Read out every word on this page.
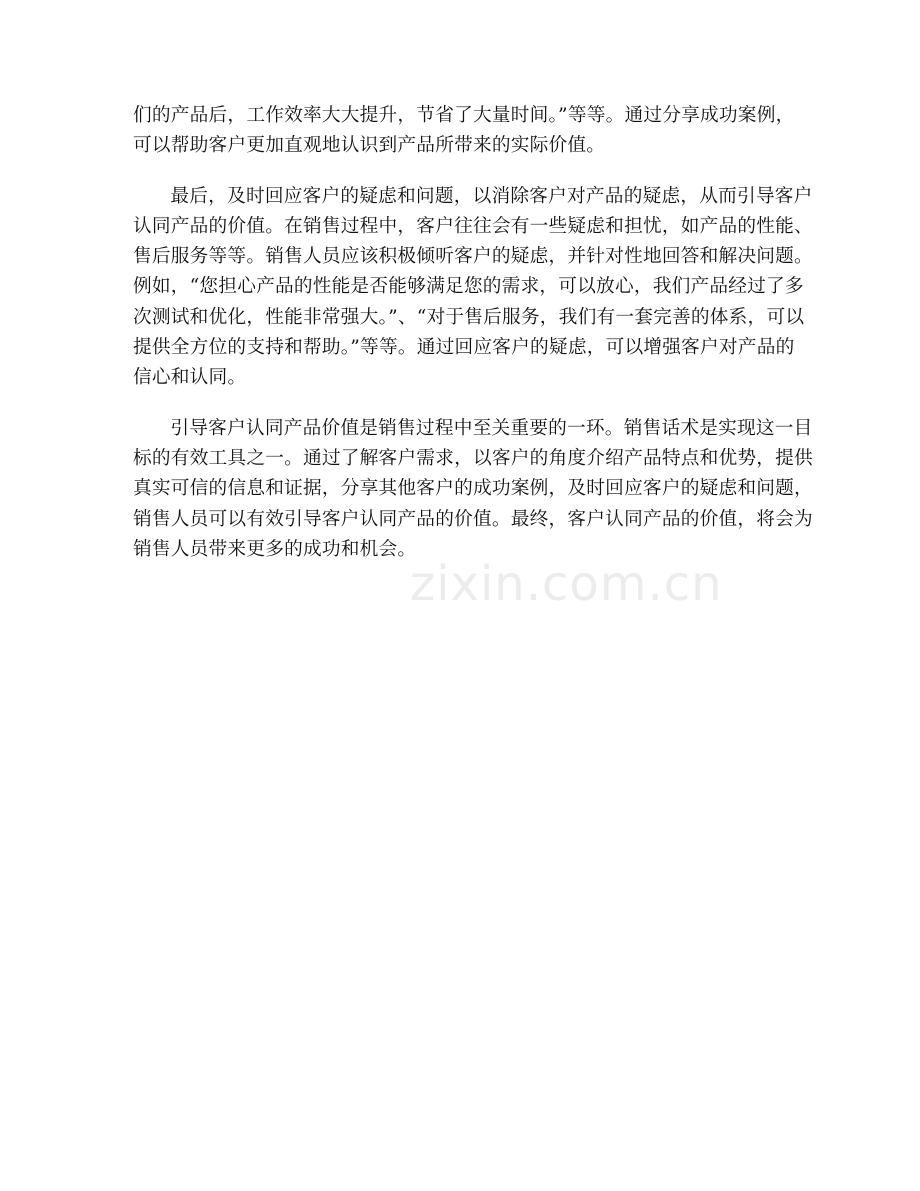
zixin.com.cn

们的产品后，工作效率大大提升，节省了大量时间。”等等。通过分享成功案例，
可以帮助客户更加直观地认识到产品所带来的实际价值。

最后，及时回应客户的疑虑和问题，以消除客户对产品的疑虑，从而引导客户
认同产品的价值。在销售过程中，客户往往会有一些疑虑和担忧，如产品的性能、
售后服务等等。销售人员应该积极倾听客户的疑虑，并针对性地回答和解决问题。
例如，“您担心产品的性能是否能够满足您的需求，可以放心，我们产品经过了多
次测试和优化，性能非常强大。”、“对于售后服务，我们有一套完善的体系，可以
提供全方位的支持和帮助。”等等。通过回应客户的疑虑，可以增强客户对产品的
信心和认同。

引导客户认同产品价值是销售过程中至关重要的一环。销售话术是实现这一目
标的有效工具之一。通过了解客户需求，以客户的角度介绍产品特点和优势，提供
真实可信的信息和证据，分享其他客户的成功案例，及时回应客户的疑虑和问题，
销售人员可以有效引导客户认同产品的价值。最终，客户认同产品的价值，将会为
销售人员带来更多的成功和机会。
